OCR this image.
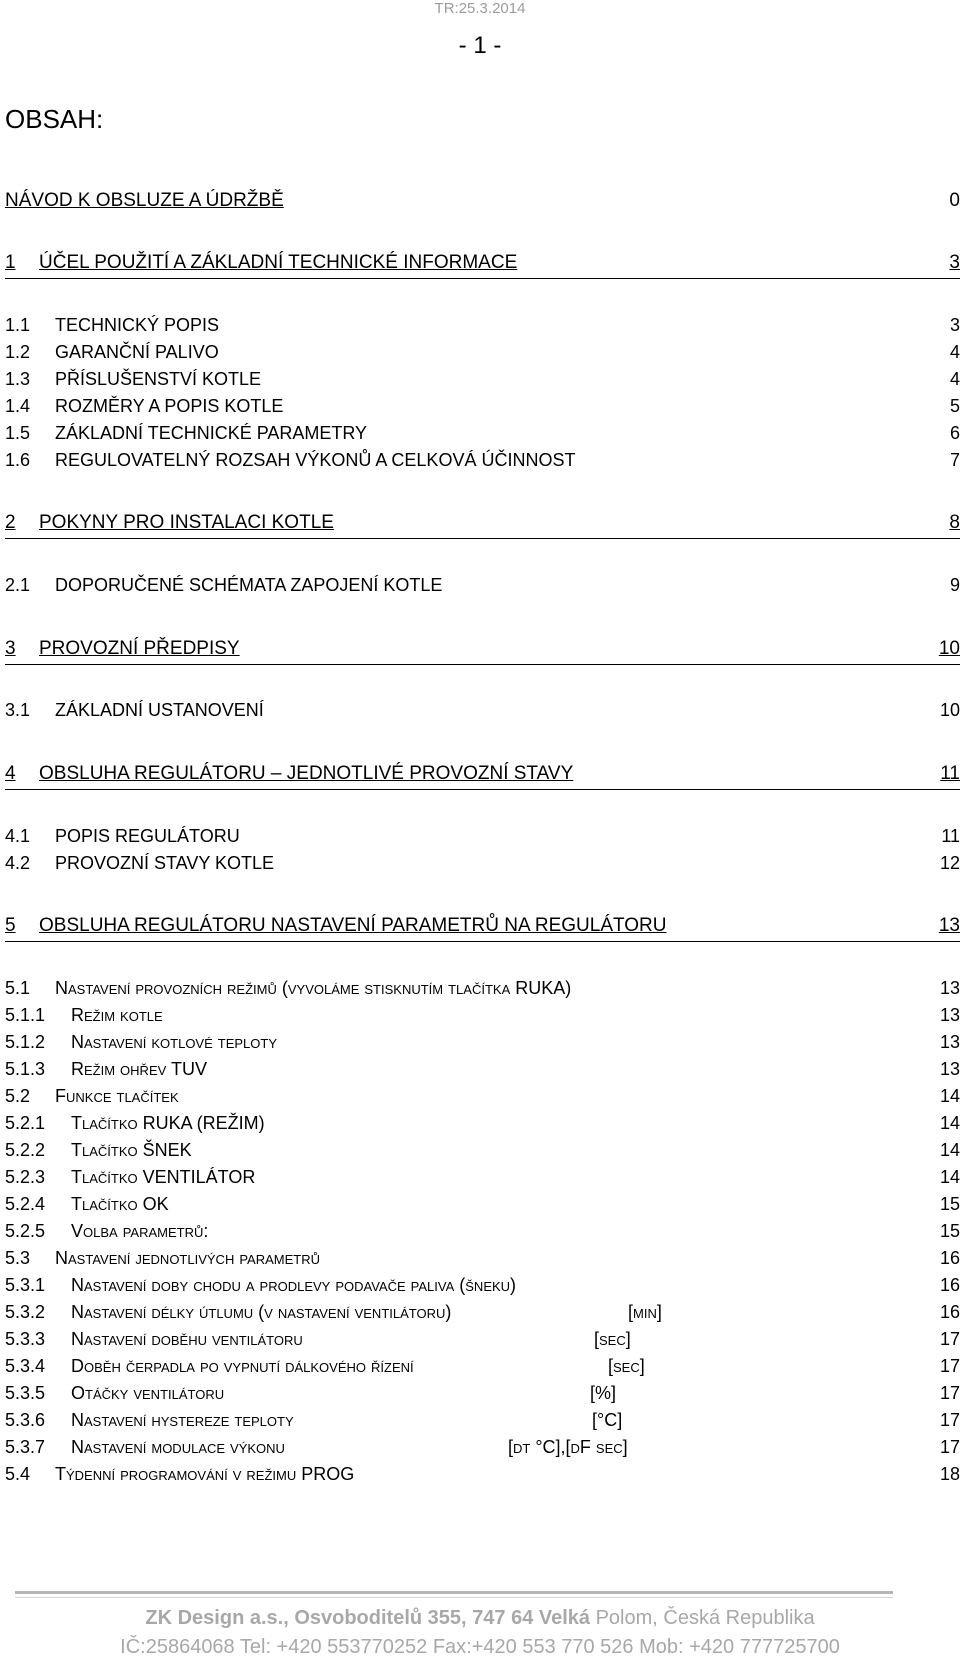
TR:25.3.2014
- 1 -
OBSAH:
NÁVOD K OBSLUZE A ÚDRŽBĚ	0
1	ÚČEL POUŽITÍ A ZÁKLADNÍ TECHNICKÉ INFORMACE	3
1.1	TECHNICKÝ POPIS	3
1.2	GARANČNÍ PALIVO	4
1.3	PŘÍSLUŠENSTVÍ KOTLE	4
1.4	ROZMĚRY A POPIS KOTLE	5
1.5	ZÁKLADNÍ TECHNICKÉ PARAMETRY	6
1.6	REGULOVATELNÝ ROZSAH VÝKONŮ A CELKOVÁ ÚČINNOST	7
2	POKYNY PRO INSTALACI KOTLE	8
2.1	DOPORUČENÉ SCHÉMATA ZAPOJENÍ KOTLE	9
3	PROVOZNÍ PŘEDPISY	10
3.1	ZÁKLADNÍ USTANOVENÍ	10
4	OBSLUHA REGULÁTORU – JEDNOTLIVÉ PROVOZNÍ STAVY	11
4.1	POPIS REGULÁTORU	11
4.2	PROVOZNÍ STAVY KOTLE	12
5	OBSLUHA REGULÁTORU NASTAVENÍ PARAMETRŮ NA REGULÁTORU	13
5.1	Nastavení provozních režimů (vyvoláme stisknutím tlačítka RUKA)	13
5.1.1	Režim kotle	13
5.1.2	Nastavení kotlové teploty	13
5.1.3	Režim ohřev TUV	13
5.2	Funkce tlačítek	14
5.2.1	Tlačítko RUKA (REŽIM)	14
5.2.2	Tlačítko ŠNEK	14
5.2.3	Tlačítko VENTILÁTOR	14
5.2.4	Tlačítko OK	15
5.2.5	Volba parametrů:	15
5.3	Nastavení jednotlivých parametrů	16
5.3.1	Nastavení doby chodu a prodlevy podavače paliva (šneku)	16
5.3.2	Nastavení délky útlumu (v nastavení ventilátoru)	[min]	16
5.3.3	Nastavení doběhu ventilátoru	[sec]	17
5.3.4	Doběh čerpadla po vypnutí dálkového řízení	[sec]	17
5.3.5	Otáčky ventilátoru	[%]	17
5.3.6	Nastavení hystereze teploty	[°C]	17
5.3.7	Nastavení modulace výkonu	[dt °C],[dF sec]	17
5.4	Týdenní programování v režimu PROG	18
ZK Design a.s., Osvoboditelů 355, 747 64 Velká Polom, Česká Republika
IČ:25864068 Tel: +420 553770252 Fax:+420 553 770 526 Mob: +420 777725700
